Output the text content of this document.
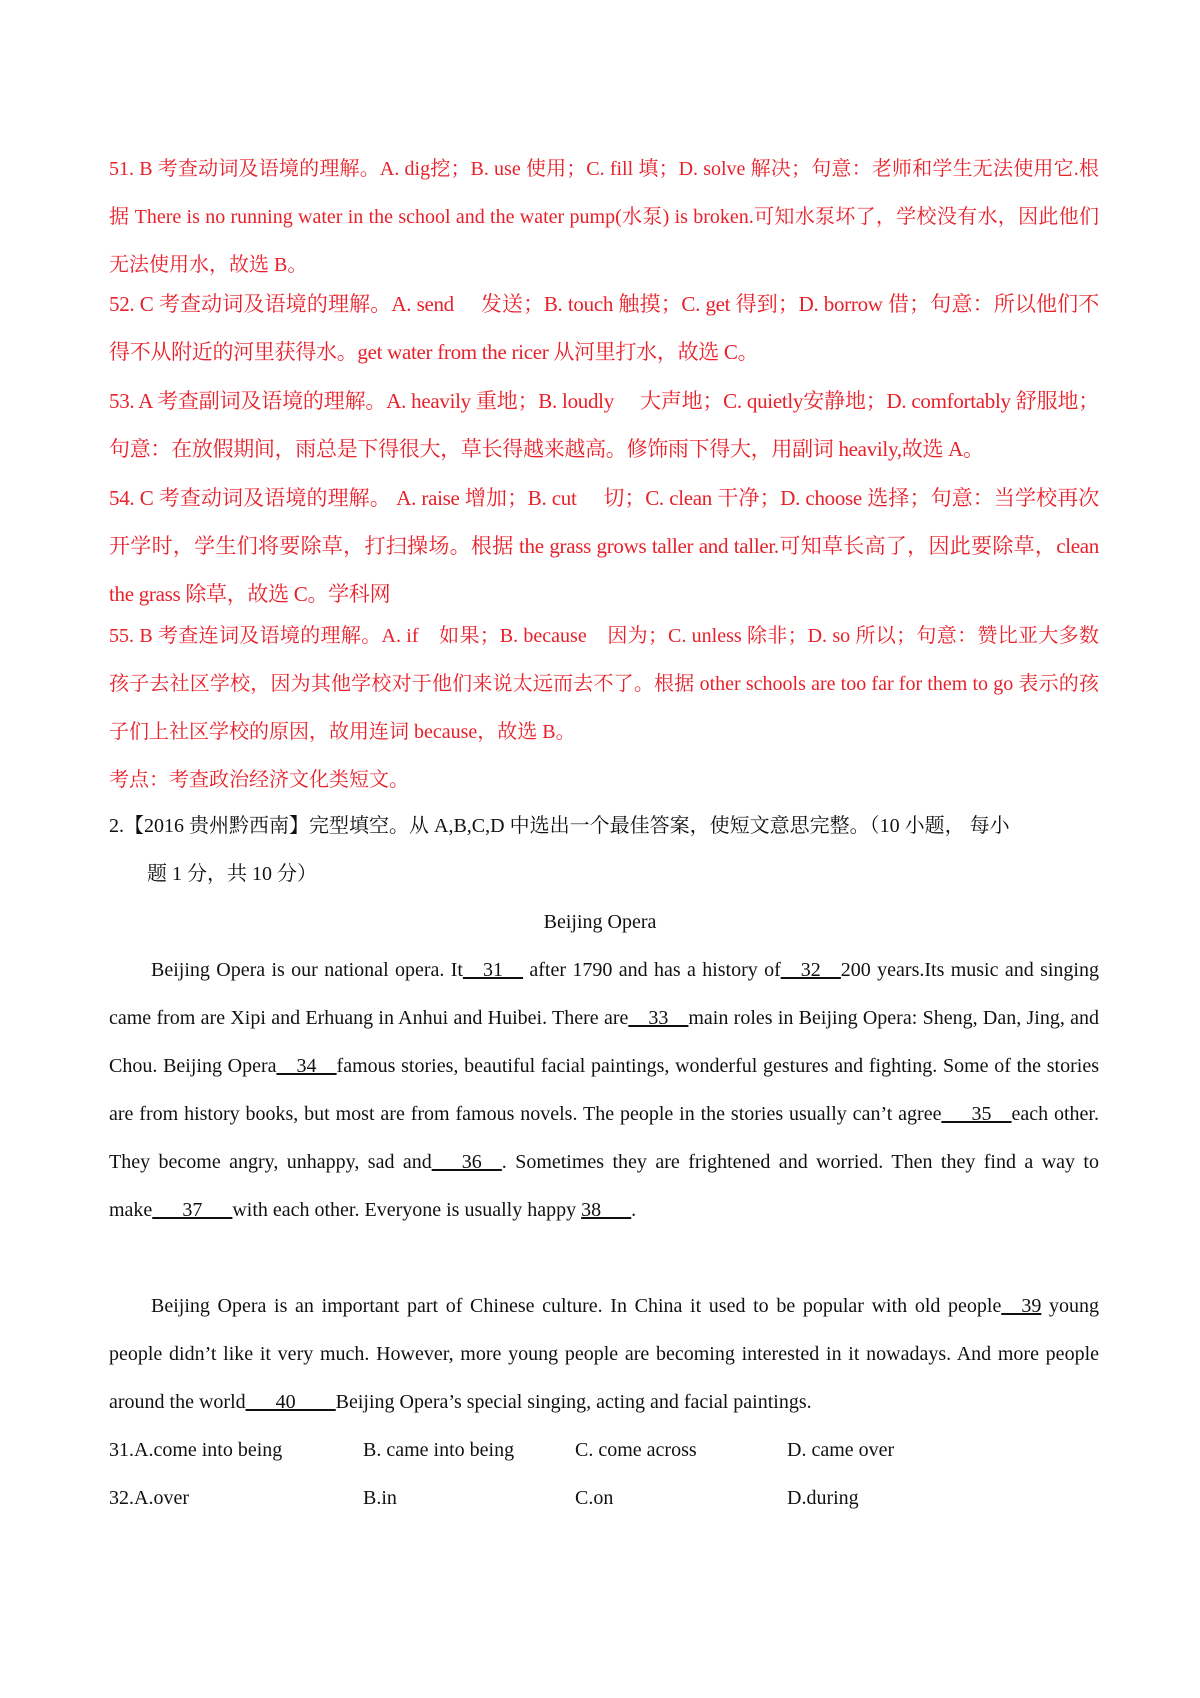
51. B 考查动词及语境的理解。A. dig挖；B. use 使用；C. fill 填；D. solve 解决；句意：老师和学生无法使用它.根据 There is no running water in the school and the water pump(水泵) is broken.可知水泵坏了，学校没有水，因此他们无法使用水，故选 B。

52. C 考查动词及语境的理解。A. send　 发送；B. touch 触摸；C. get 得到；D. borrow 借；句意：所以他们不得不从附近的河里获得水。get water from the ricer 从河里打水，故选 C。

53. A 考查副词及语境的理解。A. heavily 重地；B. loudly　 大声地；C. quietly安静地；D. comfortably 舒服地；句意：在放假期间，雨总是下得很大，草长得越来越高。修饰雨下得大，用副词 heavily,故选 A。

54. C 考查动词及语境的理解。 A. raise 增加；B. cut　 切；C. clean 干净；D. choose 选择；句意：当学校再次开学时，学生们将要除草，打扫操场。根据 the grass grows taller and taller.可知草长高了，因此要除草，clean the grass 除草，故选 C。学科网

55. B 考查连词及语境的理解。A. if　如果；B. because　因为；C. unless 除非；D. so 所以；句意：赞比亚大多数孩子去社区学校，因为其他学校对于他们来说太远而去不了。根据 other schools are too far for them to go 表示的孩子们上社区学校的原因，故用连词 because，故选 B。

考点：考查政治经济文化类短文。

2.【2016 贵州黔西南】完型填空。从 A,B,C,D 中选出一个最佳答案，使短文意思完整。（10 小题， 每小
题 1 分，共 10 分）

Beijing Opera

Beijing Opera is our national opera. It__31__ after 1790 and has a history of__32__200 years.Its music and singing came from are Xipi and Erhuang in Anhui and Huibei. There are__33__main roles in Beijing Opera: Sheng, Dan, Jing, and Chou. Beijing Opera__34__famous stories, beautiful facial paintings, wonderful gestures and fighting. Some of the stories are from history books, but most are from famous novels. The people in the stories usually can’t agree___35__each other. They become angry, unhappy, sad and___36__. Sometimes they are frightened and worried. Then they find a way to make___37___with each other. Everyone is usually happy 38___.

Beijing Opera is an important part of Chinese culture. In China it used to be popular with old people__39 young people didn’t like it very much. However, more young people are becoming interested in it nowadays. And more people around the world___40____Beijing Opera’s special singing, acting and facial paintings.

31.A.come into being	B. came into being	C. come across	D. came over
32.A.over	B.in	C.on	D.during
